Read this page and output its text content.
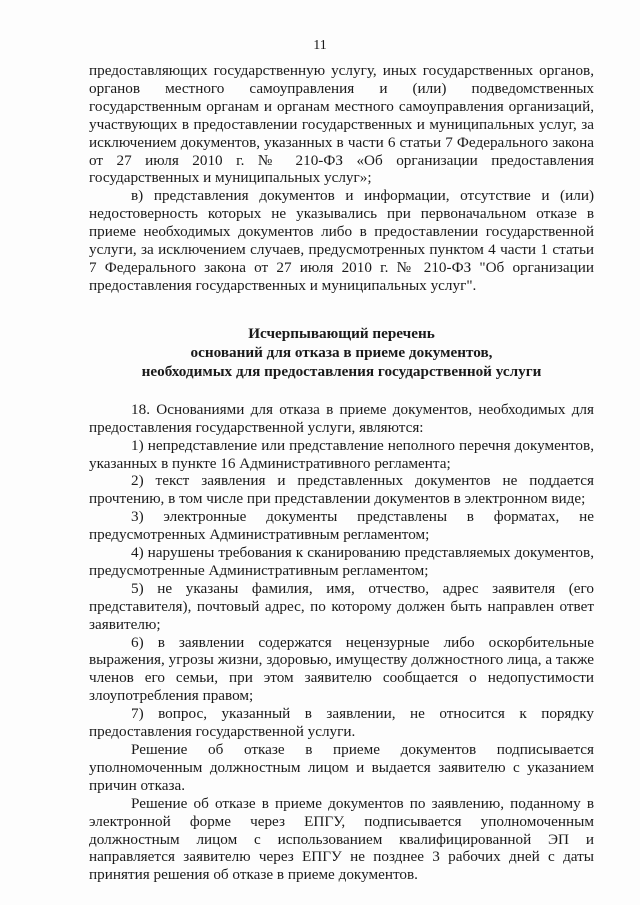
11

предоставляющих государственную услугу, иных государственных органов, органов местного самоуправления и (или) подведомственных государственным органам и органам местного самоуправления организаций, участвующих в предоставлении государственных и муниципальных услуг, за исключением документов, указанных в части 6 статьи 7 Федерального закона от 27 июля 2010 г. № 210-ФЗ «Об организации предоставления государственных и муниципальных услуг»;

в) представления документов и информации, отсутствие и (или) недостоверность которых не указывались при первоначальном отказе в приеме необходимых документов либо в предоставлении государственной услуги, за исключением случаев, предусмотренных пунктом 4 части 1 статьи 7 Федерального закона от 27 июля 2010 г. № 210-ФЗ "Об организации предоставления государственных и муниципальных услуг".

Исчерпывающий перечень
оснований для отказа в приеме документов,
необходимых для предоставления государственной услуги

18. Основаниями для отказа в приеме документов, необходимых для предоставления государственной услуги, являются:

1) непредставление или представление неполного перечня документов, указанных в пункте 16 Административного регламента;

2) текст заявления и представленных документов не поддается прочтению, в том числе при представлении документов в электронном виде;

3) электронные документы представлены в форматах, не предусмотренных Административным регламентом;

4) нарушены требования к сканированию представляемых документов, предусмотренные Административным регламентом;

5) не указаны фамилия, имя, отчество, адрес заявителя (его представителя), почтовый адрес, по которому должен быть направлен ответ заявителю;

6) в заявлении содержатся нецензурные либо оскорбительные выражения, угрозы жизни, здоровью, имуществу должностного лица, а также членов его семьи, при этом заявителю сообщается о недопустимости злоупотребления правом;

7) вопрос, указанный в заявлении, не относится к порядку предоставления государственной услуги.

Решение об отказе в приеме документов подписывается уполномоченным должностным лицом и выдается заявителю с указанием причин отказа.

Решение об отказе в приеме документов по заявлению, поданному в электронной форме через ЕПГУ, подписывается уполномоченным должностным лицом с использованием квалифицированной ЭП и направляется заявителю через ЕПГУ не позднее 3 рабочих дней с даты принятия решения об отказе в приеме документов.
